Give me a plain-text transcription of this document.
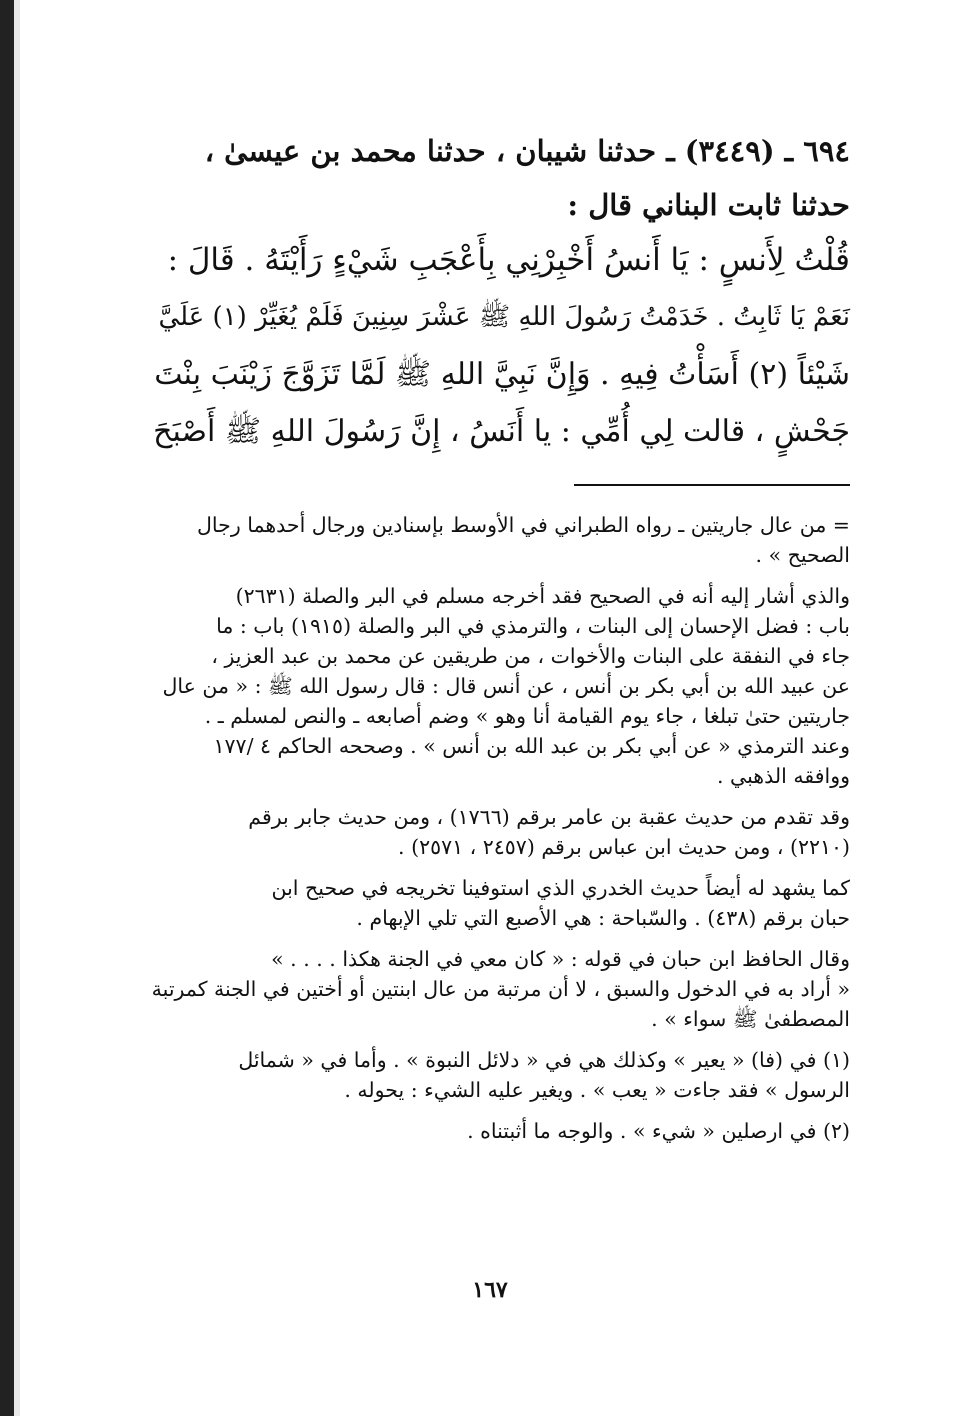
٦٩٤ ـ (٣٤٤٩) ـ حدثنا شيبان ، حدثنا محمد بن عيسىٰ ،
حدثنا ثابت البناني قال :
قُلْتُ لِأَنسٍ : يَا أَنسُ أَخْبِرْنِي بِأَعْجَبِ شَيْءٍ رَأَيْتَهُ . قَالَ :
نَعَمْ يَا ثَابِتُ . خَدَمْتُ رَسُولَ اللهِ ﷺ عَشْرَ سِنِينَ فَلَمْ يُغَيِّرْ (١) عَلَيَّ
شَيْئاً (٢) أَسَأْتُ فِيهِ . وَإِنَّ نَبِيَّ اللهِ ﷺ لَمَّا تَزَوَّجَ زَيْنَبَ بِنْتَ
جَحْشٍ ، قالت لِي أُمِّي : يا أَنَسُ ، إِنَّ رَسُولَ اللهِ ﷺ أَصْبَحَ
= من عال جاريتين ـ رواه الطبراني في الأوسط بإسنادين ورجال أحدهما رجال
الصحيح » .
والذي أشار إليه أنه في الصحيح فقد أخرجه مسلم في البر والصلة (٢٦٣١)
باب : فضل الإحسان إلى البنات ، والترمذي في البر والصلة (١٩١٥) باب : ما
جاء في النفقة على البنات والأخوات ، من طريقين عن محمد بن عبد العزيز ،
عن عبيد الله بن أبي بكر بن أنس ، عن أنس قال : قال رسول الله ﷺ : « من عال
جاريتين حتىٰ تبلغا ، جاء يوم القيامة أنا وهو » وضم أصابعه ـ والنص لمسلم ـ .
وعند الترمذي « عن أبي بكر بن عبد الله بن أنس » . وصححه الحاكم ٤ /١٧٧
ووافقه الذهبي .
وقد تقدم من حديث عقبة بن عامر برقم (١٧٦٦) ، ومن حديث جابر برقم
(٢٢١٠) ، ومن حديث ابن عباس برقم (٢٤٥٧ ، ٢٥٧١) .
كما يشهد له أيضاً حديث الخدري الذي استوفينا تخريجه في صحيح ابن
حبان برقم (٤٣٨) . والسّباحة : هي الأصبع التي تلي الإبهام .
وقال الحافظ ابن حبان في قوله : « كان معي في الجنة هكذا . . . . »
« أراد به في الدخول والسبق ، لا أن مرتبة من عال ابنتين أو أختين في الجنة كمرتبة
المصطفىٰ ﷺ سواء » .
(١) في (فا) « يعير » وكذلك هي في « دلائل النبوة » . وأما في « شمائل
الرسول » فقد جاءت « يعب » . ويغير عليه الشيء : يحوله .
(٢) في ارصلين « شيء » . والوجه ما أثبتناه .
١٦٧
